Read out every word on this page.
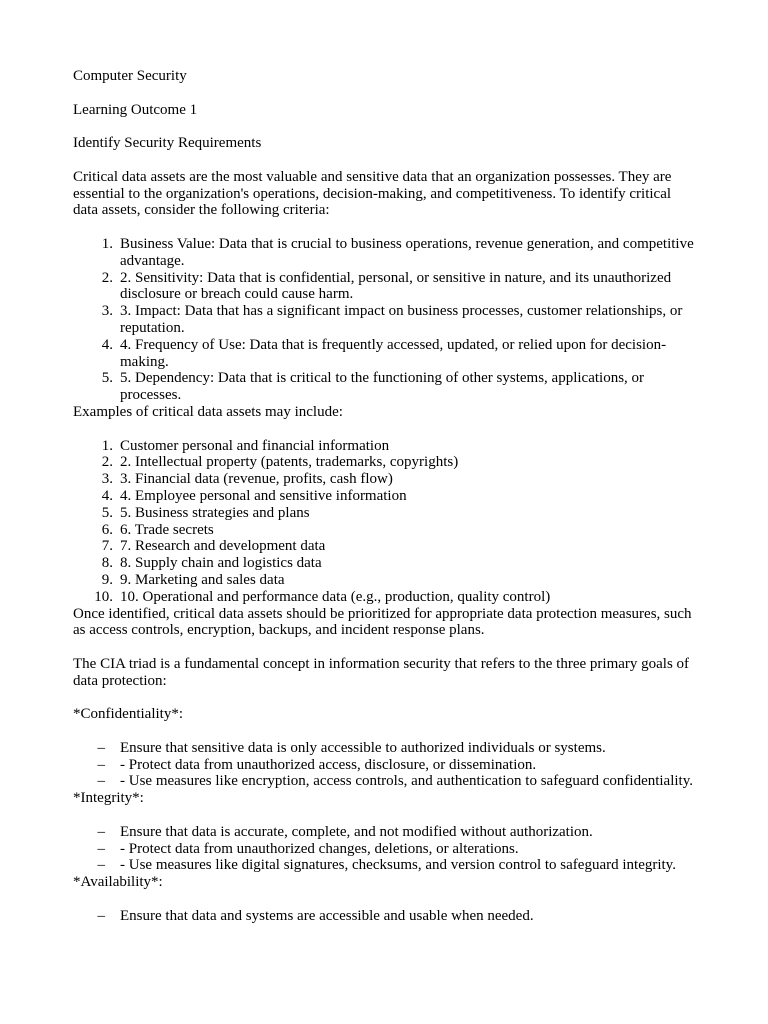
Computer Security

Learning Outcome 1

Identify Security Requirements

Critical data assets are the most valuable and sensitive data that an organization possesses. They are essential to the organization's operations, decision-making, and competitiveness. To identify critical data assets, consider the following criteria:

1. Business Value: Data that is crucial to business operations, revenue generation, and competitive advantage.
2. 2. Sensitivity: Data that is confidential, personal, or sensitive in nature, and its unauthorized disclosure or breach could cause harm.
3. 3. Impact: Data that has a significant impact on business processes, customer relationships, or reputation.
4. 4. Frequency of Use: Data that is frequently accessed, updated, or relied upon for decision-making.
5. 5. Dependency: Data that is critical to the functioning of other systems, applications, or processes.

Examples of critical data assets may include:

1. Customer personal and financial information
2. 2. Intellectual property (patents, trademarks, copyrights)
3. 3. Financial data (revenue, profits, cash flow)
4. 4. Employee personal and sensitive information
5. 5. Business strategies and plans
6. 6. Trade secrets
7. 7. Research and development data
8. 8. Supply chain and logistics data
9. 9. Marketing and sales data
10. 10. Operational and performance data (e.g., production, quality control)

Once identified, critical data assets should be prioritized for appropriate data protection measures, such as access controls, encryption, backups, and incident response plans.

The CIA triad is a fundamental concept in information security that refers to the three primary goals of data protection:

*Confidentiality*:

– Ensure that sensitive data is only accessible to authorized individuals or systems.
– - Protect data from unauthorized access, disclosure, or dissemination.
– - Use measures like encryption, access controls, and authentication to safeguard confidentiality.

*Integrity*:

– Ensure that data is accurate, complete, and not modified without authorization.
– - Protect data from unauthorized changes, deletions, or alterations.
– - Use measures like digital signatures, checksums, and version control to safeguard integrity.

*Availability*:

– Ensure that data and systems are accessible and usable when needed.
